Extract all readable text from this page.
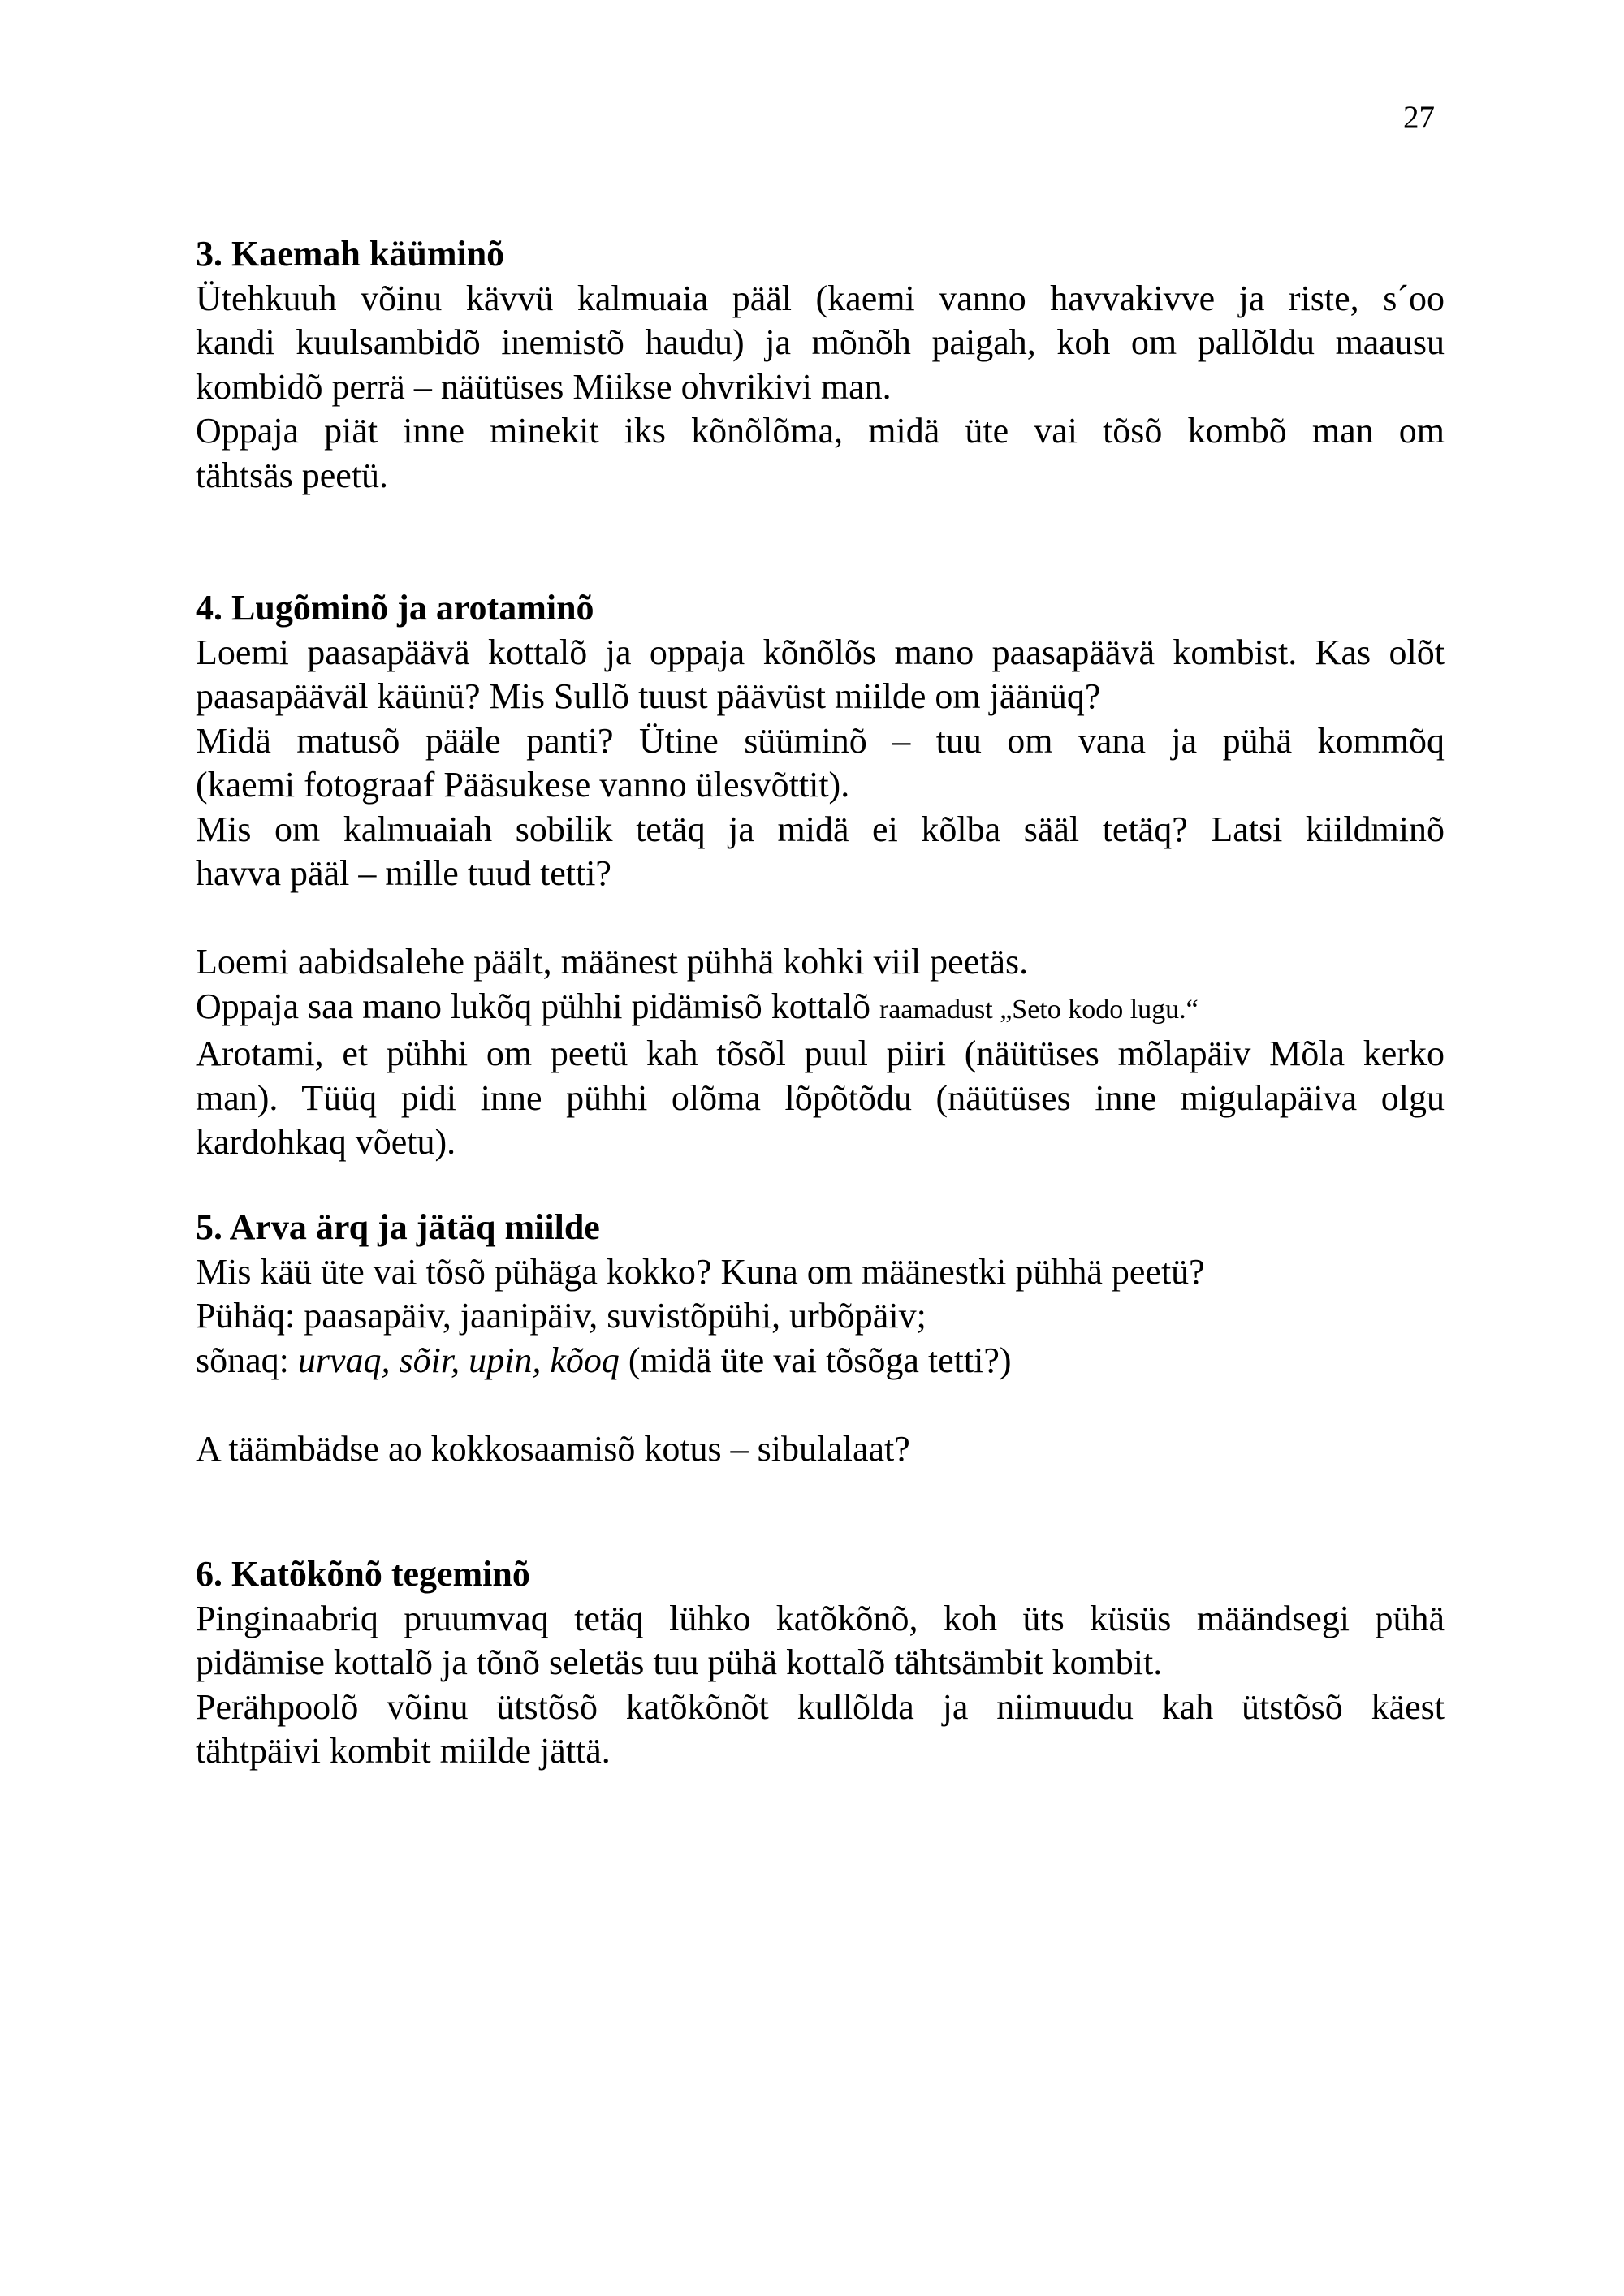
27
3. Kaemah käüminõ
Ütehkuuh võinu kävvü kalmuaia pääl (kaemi vanno havvakivve ja riste, s´oo
kandi kuulsambidõ inemistõ haudu) ja mõnõh paigah, koh om pallõldu maausu
kombidõ perrä – näütüses Miikse ohvrikivi man.
Oppaja piät inne minekit iks kõnõlõma, midä üte vai tõsõ kombõ man om
tähtsäs peetü.
4. Lugõminõ ja arotaminõ
Loemi paasapäävä kottalõ ja oppaja kõnõlõs mano paasapäävä kombist. Kas olõt
paasapääväl käünü? Mis Sullõ tuust päävüst miilde om jäänüq?
Midä matusõ pääle panti? Ütine süüminõ – tuu om vana ja pühä kommõq
(kaemi fotograaf Pääsukese vanno ülesvõttit).
Mis om kalmuaiah sobilik tetäq ja midä ei kõlba sääl tetäq? Latsi kiildminõ
havva pääl – mille tuud tetti?
Loemi aabidsalehe päält, määnest pühhä kohki viil peetäs.
Oppaja saa mano lukõq pühhi pidämisõ kottalõ raamadust „Seto kodo lugu.“
Arotami, et pühhi om peetü kah tõsõl puul piiri (näütüses mõlapäiv Mõla kerko
man). Tüüq pidi inne pühhi olõma lõpõtõdu (näütüses inne migulapäiva olgu
kardohkaq võetu).
5. Arva ärq ja jätäq miilde
Mis käü üte vai tõsõ pühäga kokko? Kuna om määnestki pühhä peetü?
Pühäq: paasapäiv, jaanipäiv, suvistõpühi, urbõpäiv;
sõnaq: urvaq, sõir, upin, kõoq (midä üte vai tõsõga tetti?)
A täämbädse ao kokkosaamisõ kotus – sibulalaat?
6. Katõkõnõ tegeminõ
Pinginaabriq pruumvaq tetäq lühko katõkõnõ, koh üts küsüs määndsegi pühä
pidämise kottalõ ja tõnõ seletäs tuu pühä kottalõ tähtsämbit kombit.
Perähpoolõ võinu ütstõsõ katõkõnõt kullõlda ja niimuudu kah ütstõsõ käest
tähtpäivi kombit miilde jättä.
